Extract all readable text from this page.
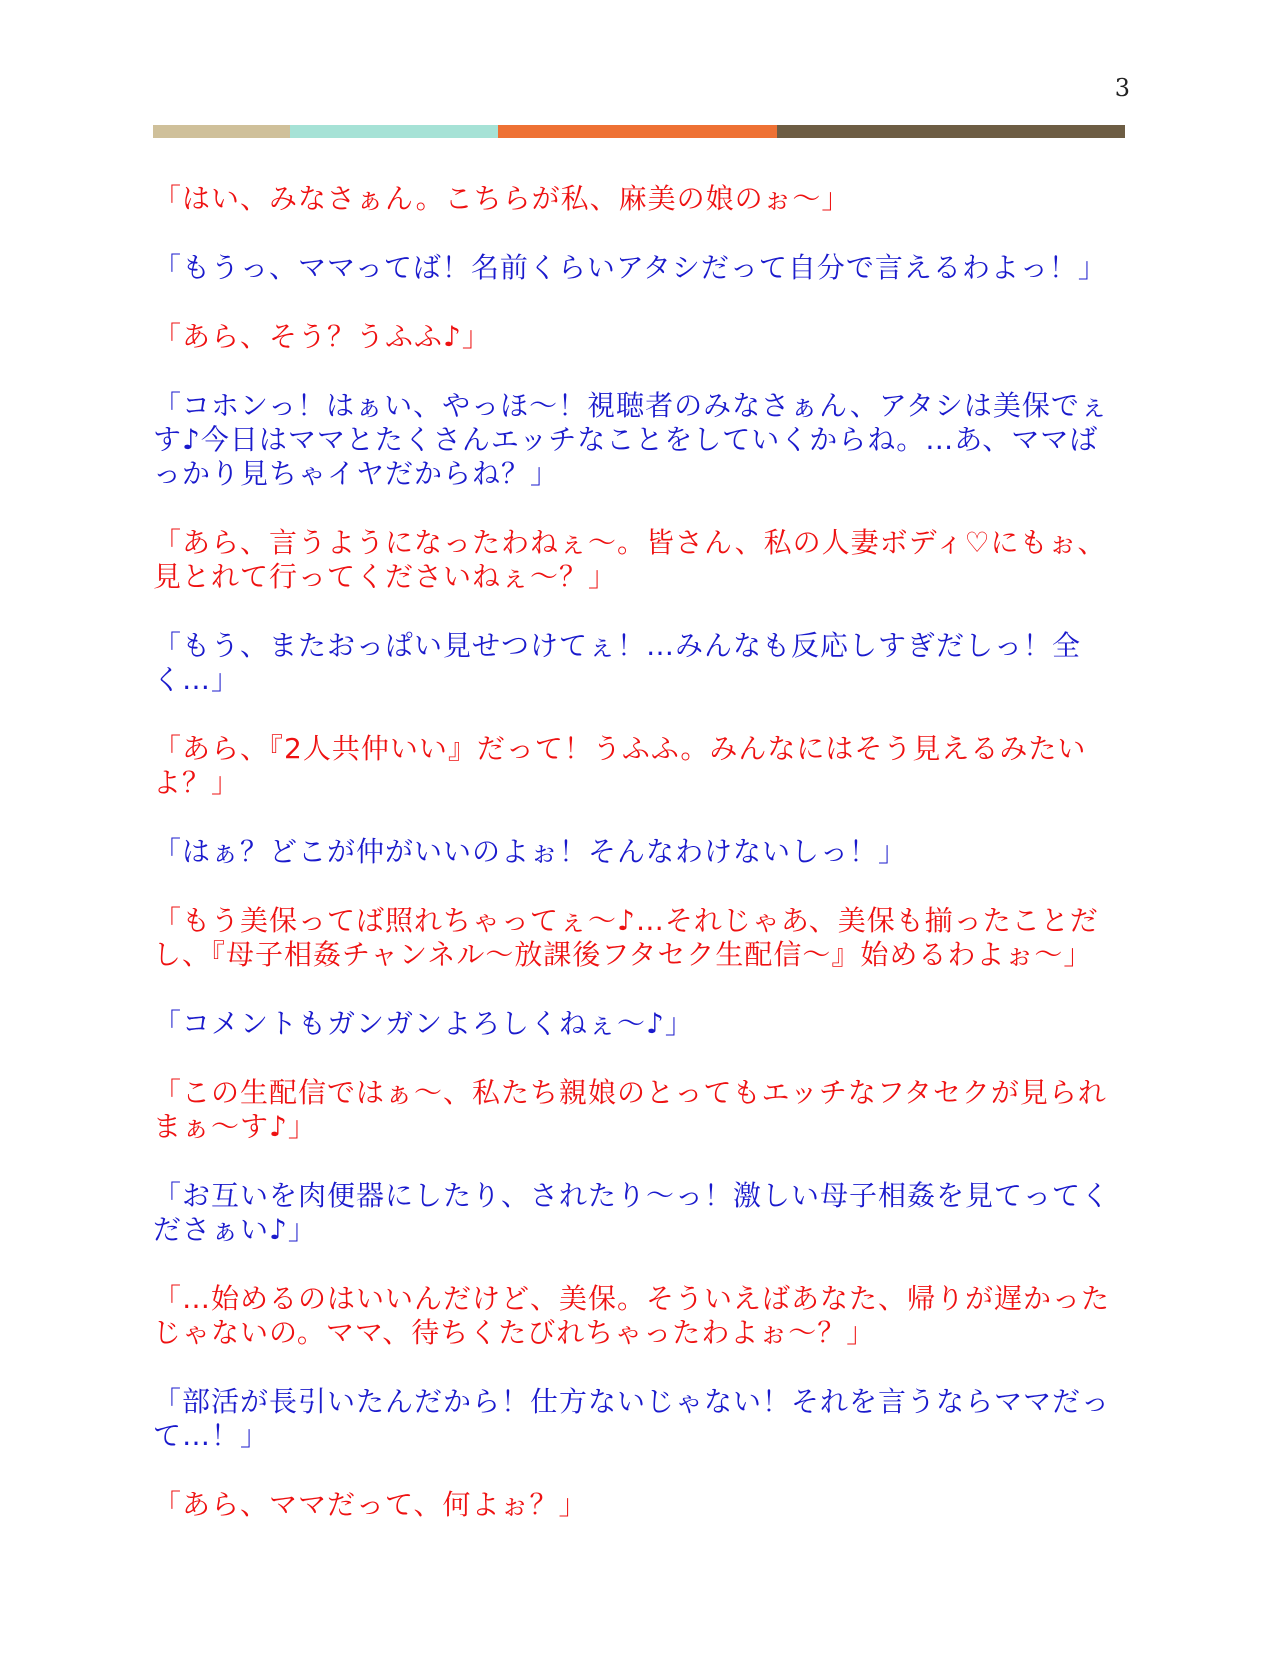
3

「はい、みなさぁん。こちらが私、麻美の娘のぉ～」

「もうっ、ママってば！名前くらいアタシだって自分で言えるわよっ！」

「あら、そう？うふふ♪」

「コホンっ！はぁい、やっほ～！視聴者のみなさぁん、アタシは美保でぇす♪今日はママとたくさんエッチなことをしていくからね。…あ、ママばっかり見ちゃイヤだからね？」

「あら、言うようになったわねぇ～。皆さん、私の人妻ボディ♡にもぉ、見とれて行ってくださいねぇ～？」

「もう、またおっぱい見せつけてぇ！…みんなも反応しすぎだしっ！全く…」

「あら、『2人共仲いい』だって！うふふ。みんなにはそう見えるみたいよ？」

「はぁ？どこが仲がいいのよぉ！そんなわけないしっ！」

「もう美保ってば照れちゃってぇ～♪…それじゃあ、美保も揃ったことだし、『母子相姦チャンネル～放課後フタセク生配信～』始めるわよぉ～」

「コメントもガンガンよろしくねぇ～♪」

「この生配信ではぁ～、私たち親娘のとってもエッチなフタセクが見られまぁ～す♪」

「お互いを肉便器にしたり、されたり～っ！激しい母子相姦を見てってくださぁい♪」

「…始めるのはいいんだけど、美保。そういえばあなた、帰りが遅かったじゃないの。ママ、待ちくたびれちゃったわよぉ～？」

「部活が長引いたんだから！仕方ないじゃない！それを言うならママだって…！」

「あら、ママだって、何よぉ？」
